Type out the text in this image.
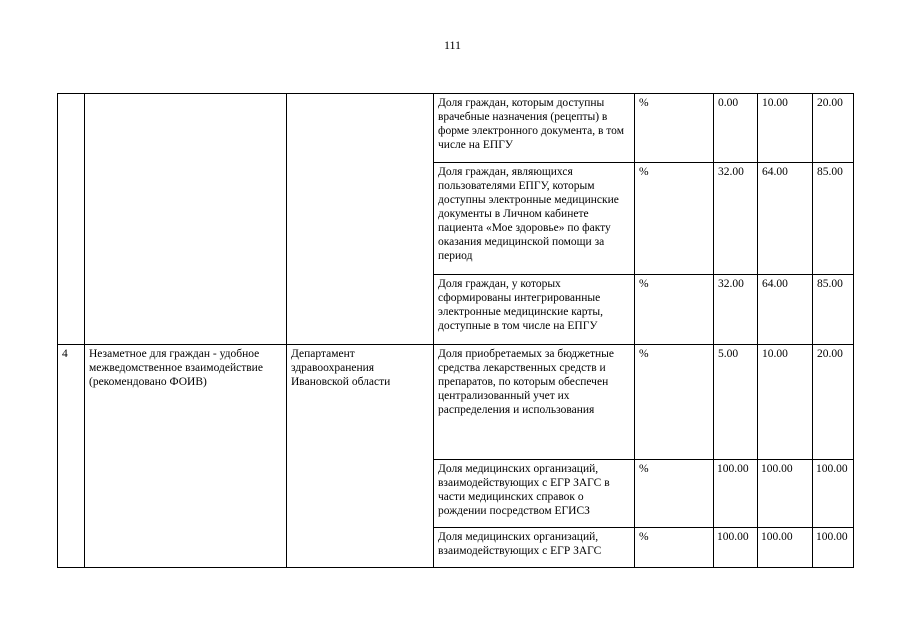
111
			Доля граждан, которым доступны врачебные назначения (рецепты) в форме электронного документа, в том числе на ЕПГУ	%	0.00	10.00	20.00
			Доля граждан, являющихся пользователями ЕПГУ, которым доступны электронные медицинские документы в Личном кабинете пациента «Мое здоровье» по факту оказания медицинской помощи за период	%	32.00	64.00	85.00
			Доля граждан, у которых сформированы интегрированные электронные медицинские карты, доступные в том числе на ЕПГУ	%	32.00	64.00	85.00
4	Незаметное для граждан - удобное межведомственное взаимодействие (рекомендовано ФОИВ)	Департамент здравоохранения Ивановской области	Доля приобретаемых за бюджетные средства лекарственных средств и препаратов, по которым обеспечен централизованный учет их распределения и использования	%	5.00	10.00	20.00
			Доля медицинских организаций, взаимодействующих с ЕГР ЗАГС в части медицинских справок о рождении посредством ЕГИСЗ	%	100.00	100.00	100.00
			Доля медицинских организаций, взаимодействующих с ЕГР ЗАГС	%	100.00	100.00	100.00
